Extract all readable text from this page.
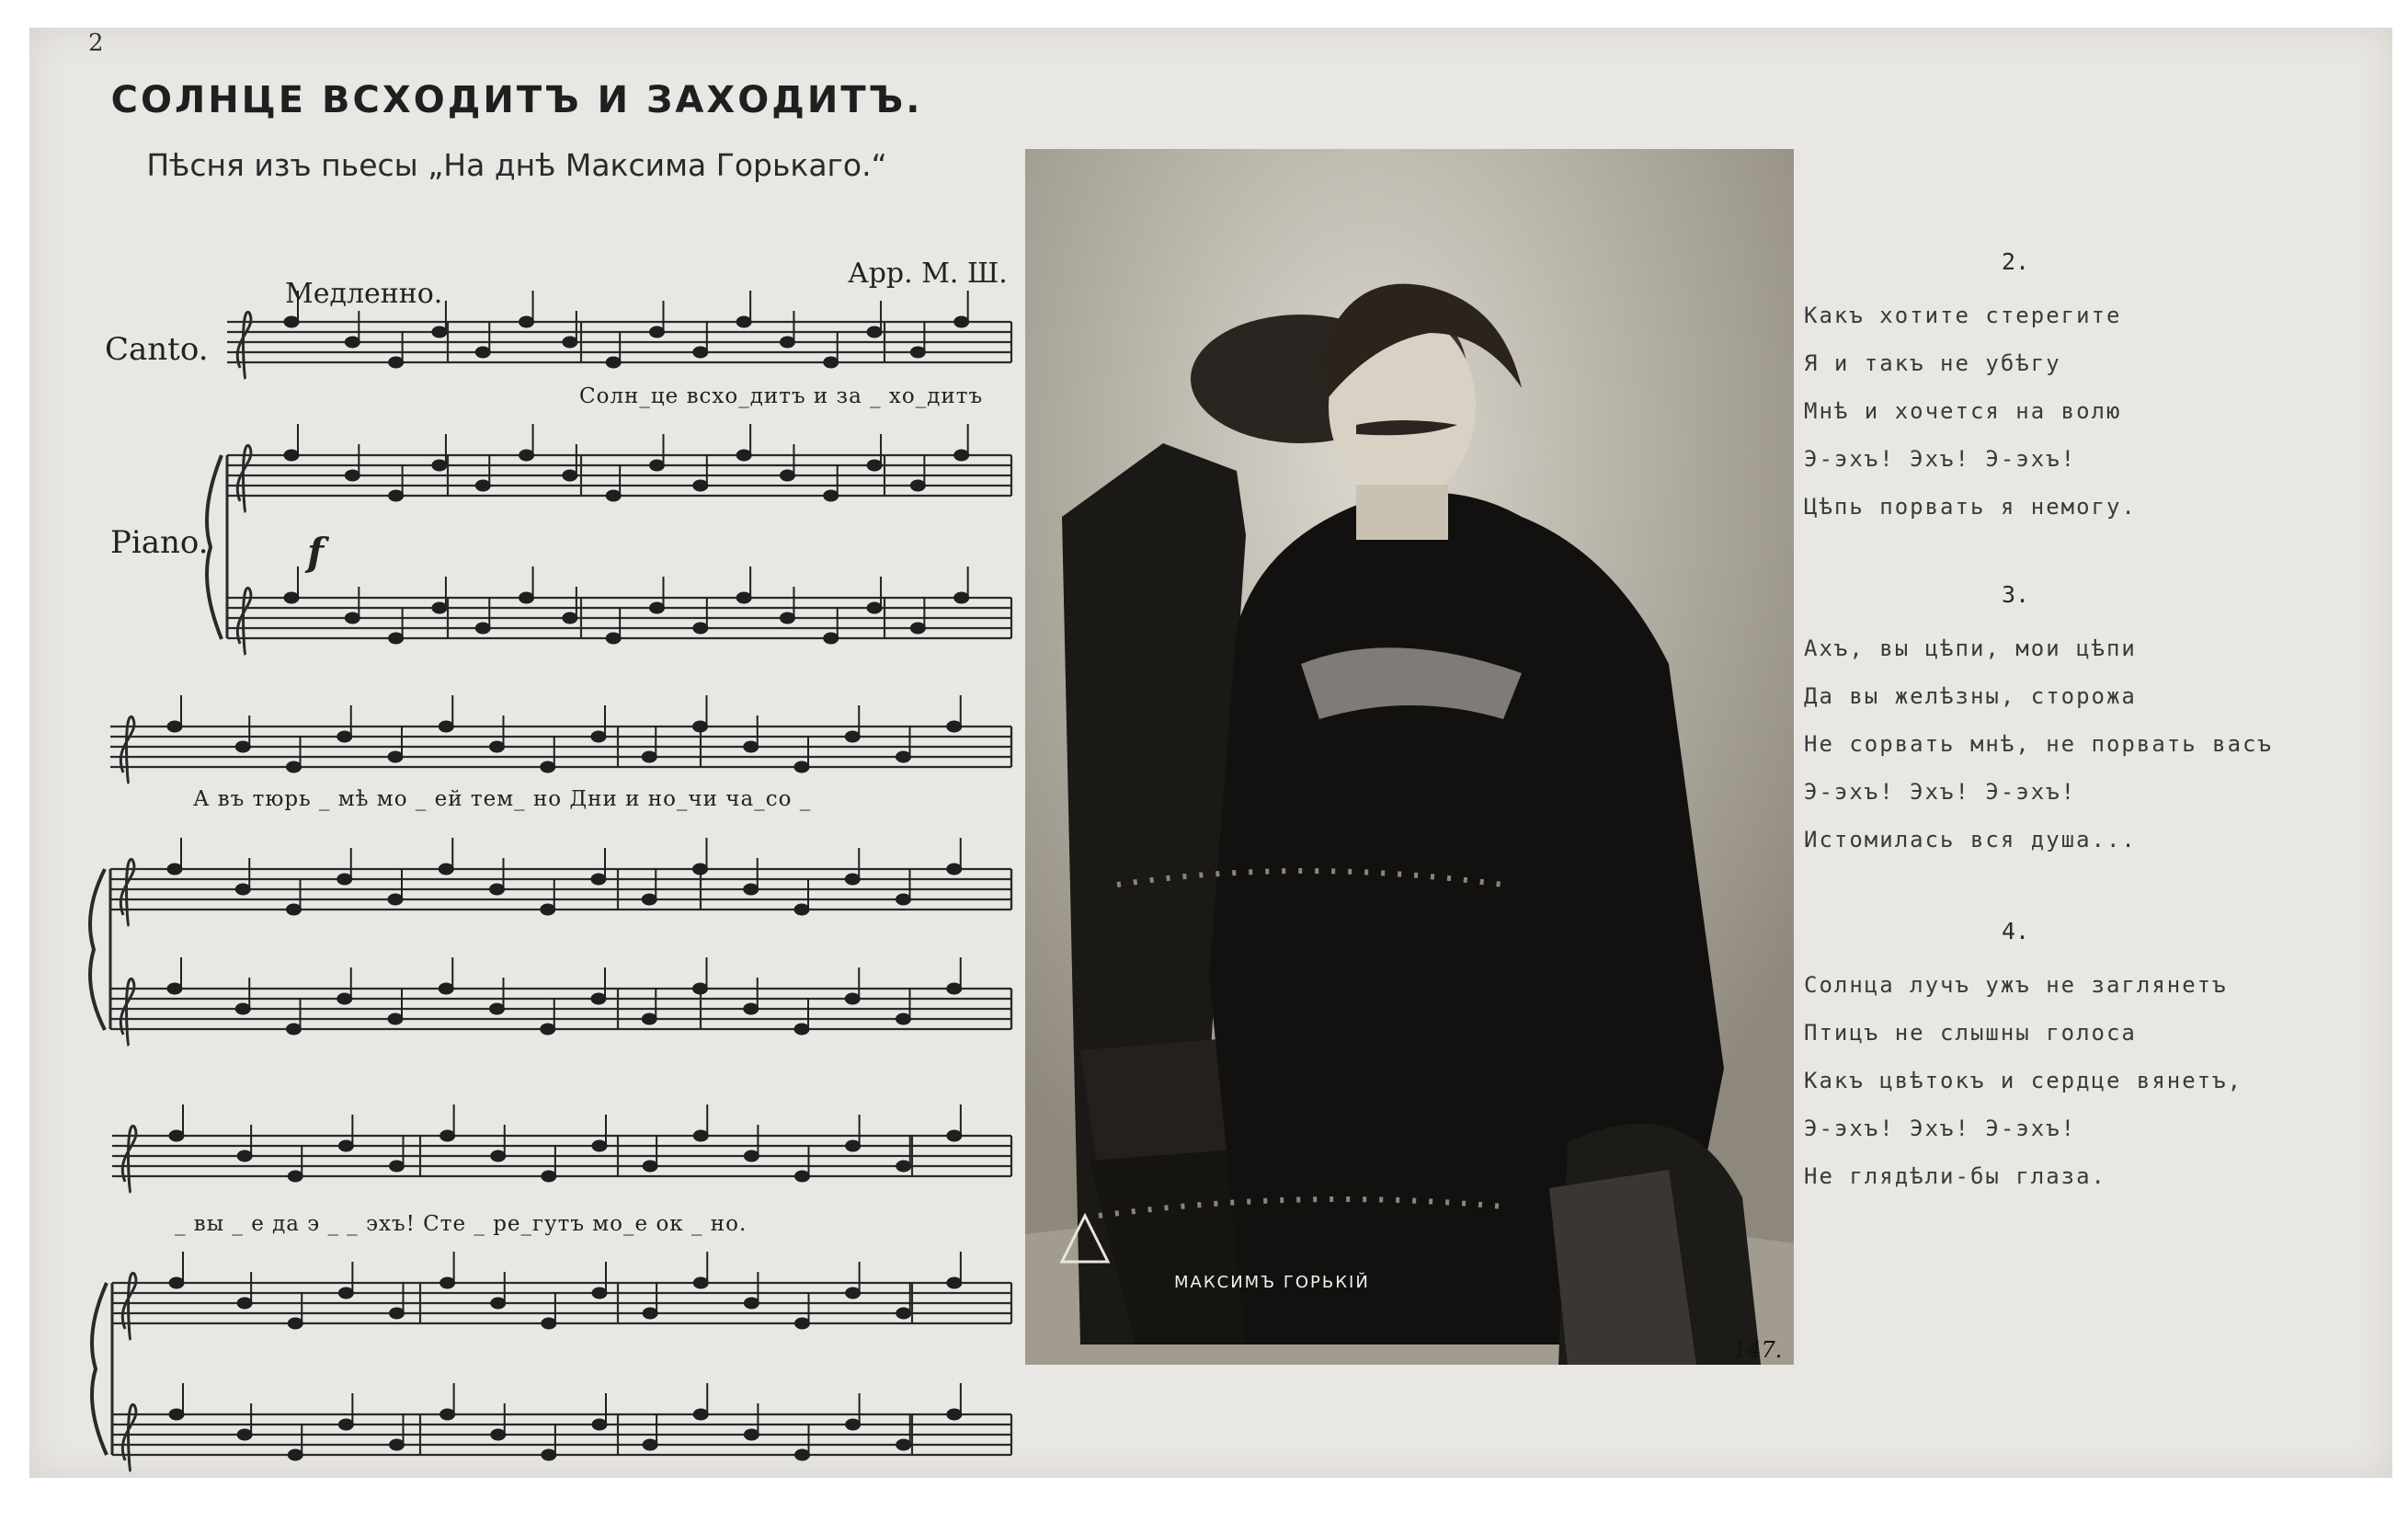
2
СОЛНЦЕ ВСХОДИТЪ И ЗАХОДИТЪ.
Пѣсня изъ пьесы „На днѣ Максима Горькаго.“
Арр. М. Ш.
Медленно.
Canto.
Piano.	f
Солн_це всхо_дитъ и за _ хо_дитъ
А въ тюрь _ мѣ мо _ ей тем_ но Дни и но_чи ча_со _
_ вы _ е да э _ _ эхъ! Сте _ ре_гутъ мо_е ок _ но.
МАКСИМЪ ГОРЬКIЙ
147.
2.
Какъ хотите стерегите
Я и такъ не убѣгу
Мнѣ и хочется на волю
Э-эхъ! Эхъ! Э-эхъ!
Цѣпь порвать я немогу.
3.
Ахъ, вы цѣпи, мои цѣпи
Да вы желѣзны, сторожа
Не сорвать мнѣ, не порвать васъ
Э-эхъ! Эхъ! Э-эхъ!
Истомилась вся душа...
4.
Солнца лучъ ужъ не заглянетъ
Птицъ не слышны голоса
Какъ цвѣтокъ и сердце вянетъ,
Э-эхъ! Эхъ! Э-эхъ!
Не глядѣли-бы глаза.
